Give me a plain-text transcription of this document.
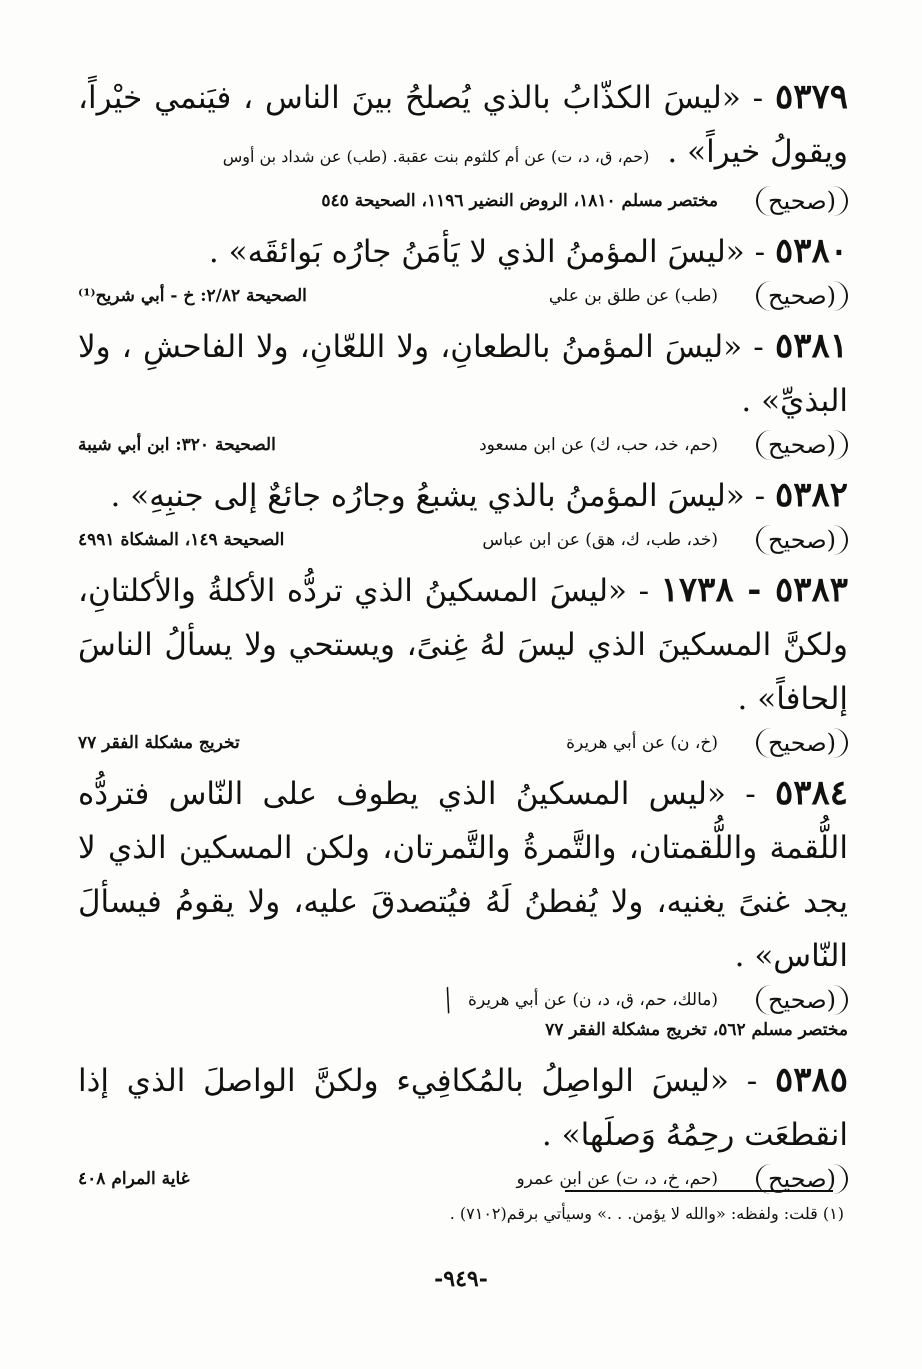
٥٣٧٩ - «ليسَ الكذّابُ بالذي يُصلحُ بينَ الناس ، فيَنمي خيْراً، ويقولُ خيراً» .(حم، ق، د، ت) عن أم كلثوم بنت عقبة. (طب) عن شداد بن أوس

(صحيح
مختصر مسلم ١٨١٠، الروض النضير ١١٩٦، الصحيحة ٥٤٥

٥٣٨٠ - «ليسَ المؤمنُ الذي لا يَأمَنُ جارُه بَوائقَه» .

(صحيح
(طب) عن طلق بن علي
الصحيحة ٢/٨٢: خ - أبي شريح⁽¹⁾

٥٣٨١ - «ليسَ المؤمنُ بالطعانِ، ولا اللعّانِ، ولا الفاحشِ ، ولا البذيِّ» .

(صحيح
(حم، خد، حب، ك) عن ابن مسعود
الصحيحة ٣٢٠: ابن أبي شيبة

٥٣٨٢ - «ليسَ المؤمنُ بالذي يشبعُ وجارُه جائعٌ إلى جنبِهِ» .

(صحيح
(خد، طب، ك، هق) عن ابن عباس
الصحيحة ١٤٩، المشكاة ٤٩٩١

٥٣٨٣ - ١٧٣٨ - «ليسَ المسكينُ الذي تردُّه الأكلةُ والأكلتانِ، ولكنَّ المسكينَ الذي ليسَ لهُ غِنىً، ويستحي ولا يسألُ الناسَ إلحافاً» .

(صحيح
(خ، ن) عن أبي هريرة
تخريج مشكلة الفقر ٧٧

٥٣٨٤ - «ليس المسكينُ الذي يطوف على النّاس فتردُّه اللُّقمة واللُّقمتان، والتَّمرةُ والتَّمرتان، ولكن المسكين الذي لا يجد غنىً يغنيه، ولا يُفطنُ لَهُ فيُتصدقَ عليه، ولا يقومُ فيسألَ النّاس» .

(صحيح
(مالك، حم، ق، د، ن) عن أبي هريرة
╱
مختصر مسلم ٥٦٢، تخريج مشكلة الفقر ٧٧

٥٣٨٥ - «ليسَ الواصِلُ بالمُكافِيء ولكنَّ الواصلَ الذي إذا انقطعَت رحِمُهُ وَصلَها» .

(صحيح
(حم، خ، د، ت) عن ابن عمرو
غاية المرام ٤٠٨
(١) قلت: ولفظه: «والله لا يؤمن. . .» وسيأتي برقم(٧١٠٢) .
-٩٤٩-
